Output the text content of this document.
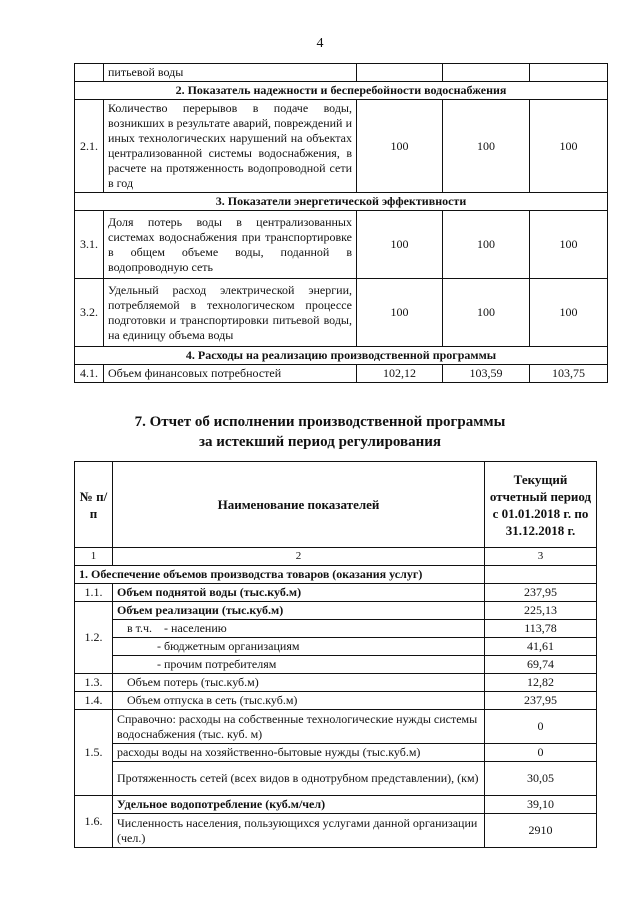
4
	питьевой воды			
2. Показатель надежности и бесперебойности водоснабжения				
2.1.	Количество перерывов в подаче воды, возникших в результате аварий, повреждений и иных технологических нарушений на объектах централизованной системы водоснабжения, в расчете на протяженность водопроводной сети в год	100	100	100
3. Показатели энергетической эффективности				
3.1.	Доля потерь воды в централизованных системах водоснабжения при транспортировке в общем объеме воды, поданной в водопроводную сеть	100	100	100
3.2.	Удельный расход электрической энергии, потребляемой в технологическом процессе подготовки и транспортировки питьевой воды, на единицу объема воды	100	100	100
4. Расходы на реализацию производственной программы				
4.1.	Объем финансовых потребностей	102,12	103,59	103,75
7. Отчет об исполнении производственной программы
за истекший период регулирования
№ п/п	Наименование показателей	Текущий отчетный период с 01.01.2018 г. по 31.12.2018 г.
1	2	3
1. Обеспечение объемов производства товаров (оказания услуг)		
1.1.	Объем поднятой воды (тыс.куб.м)	237,95
1.2.	Объем реализации (тыс.куб.м)	225,13
	в т.ч. - населению	113,78
	- бюджетным организациям	41,61
	- прочим потребителям	69,74
1.3.	Объем потерь (тыс.куб.м)	12,82
1.4.	Объем отпуска в сеть (тыс.куб.м)	237,95
1.5.	Справочно: расходы на собственные технологические нужды системы водоснабжения (тыс. куб. м)	0
	расходы воды на хозяйственно-бытовые нужды (тыс.куб.м)	0
	Протяженность сетей (всех видов в однотрубном представлении), (км)	30,05
1.6.	Удельное водопотребление (куб.м/чел)	39,10
	Численность населения, пользующихся услугами данной организации (чел.)	2910
